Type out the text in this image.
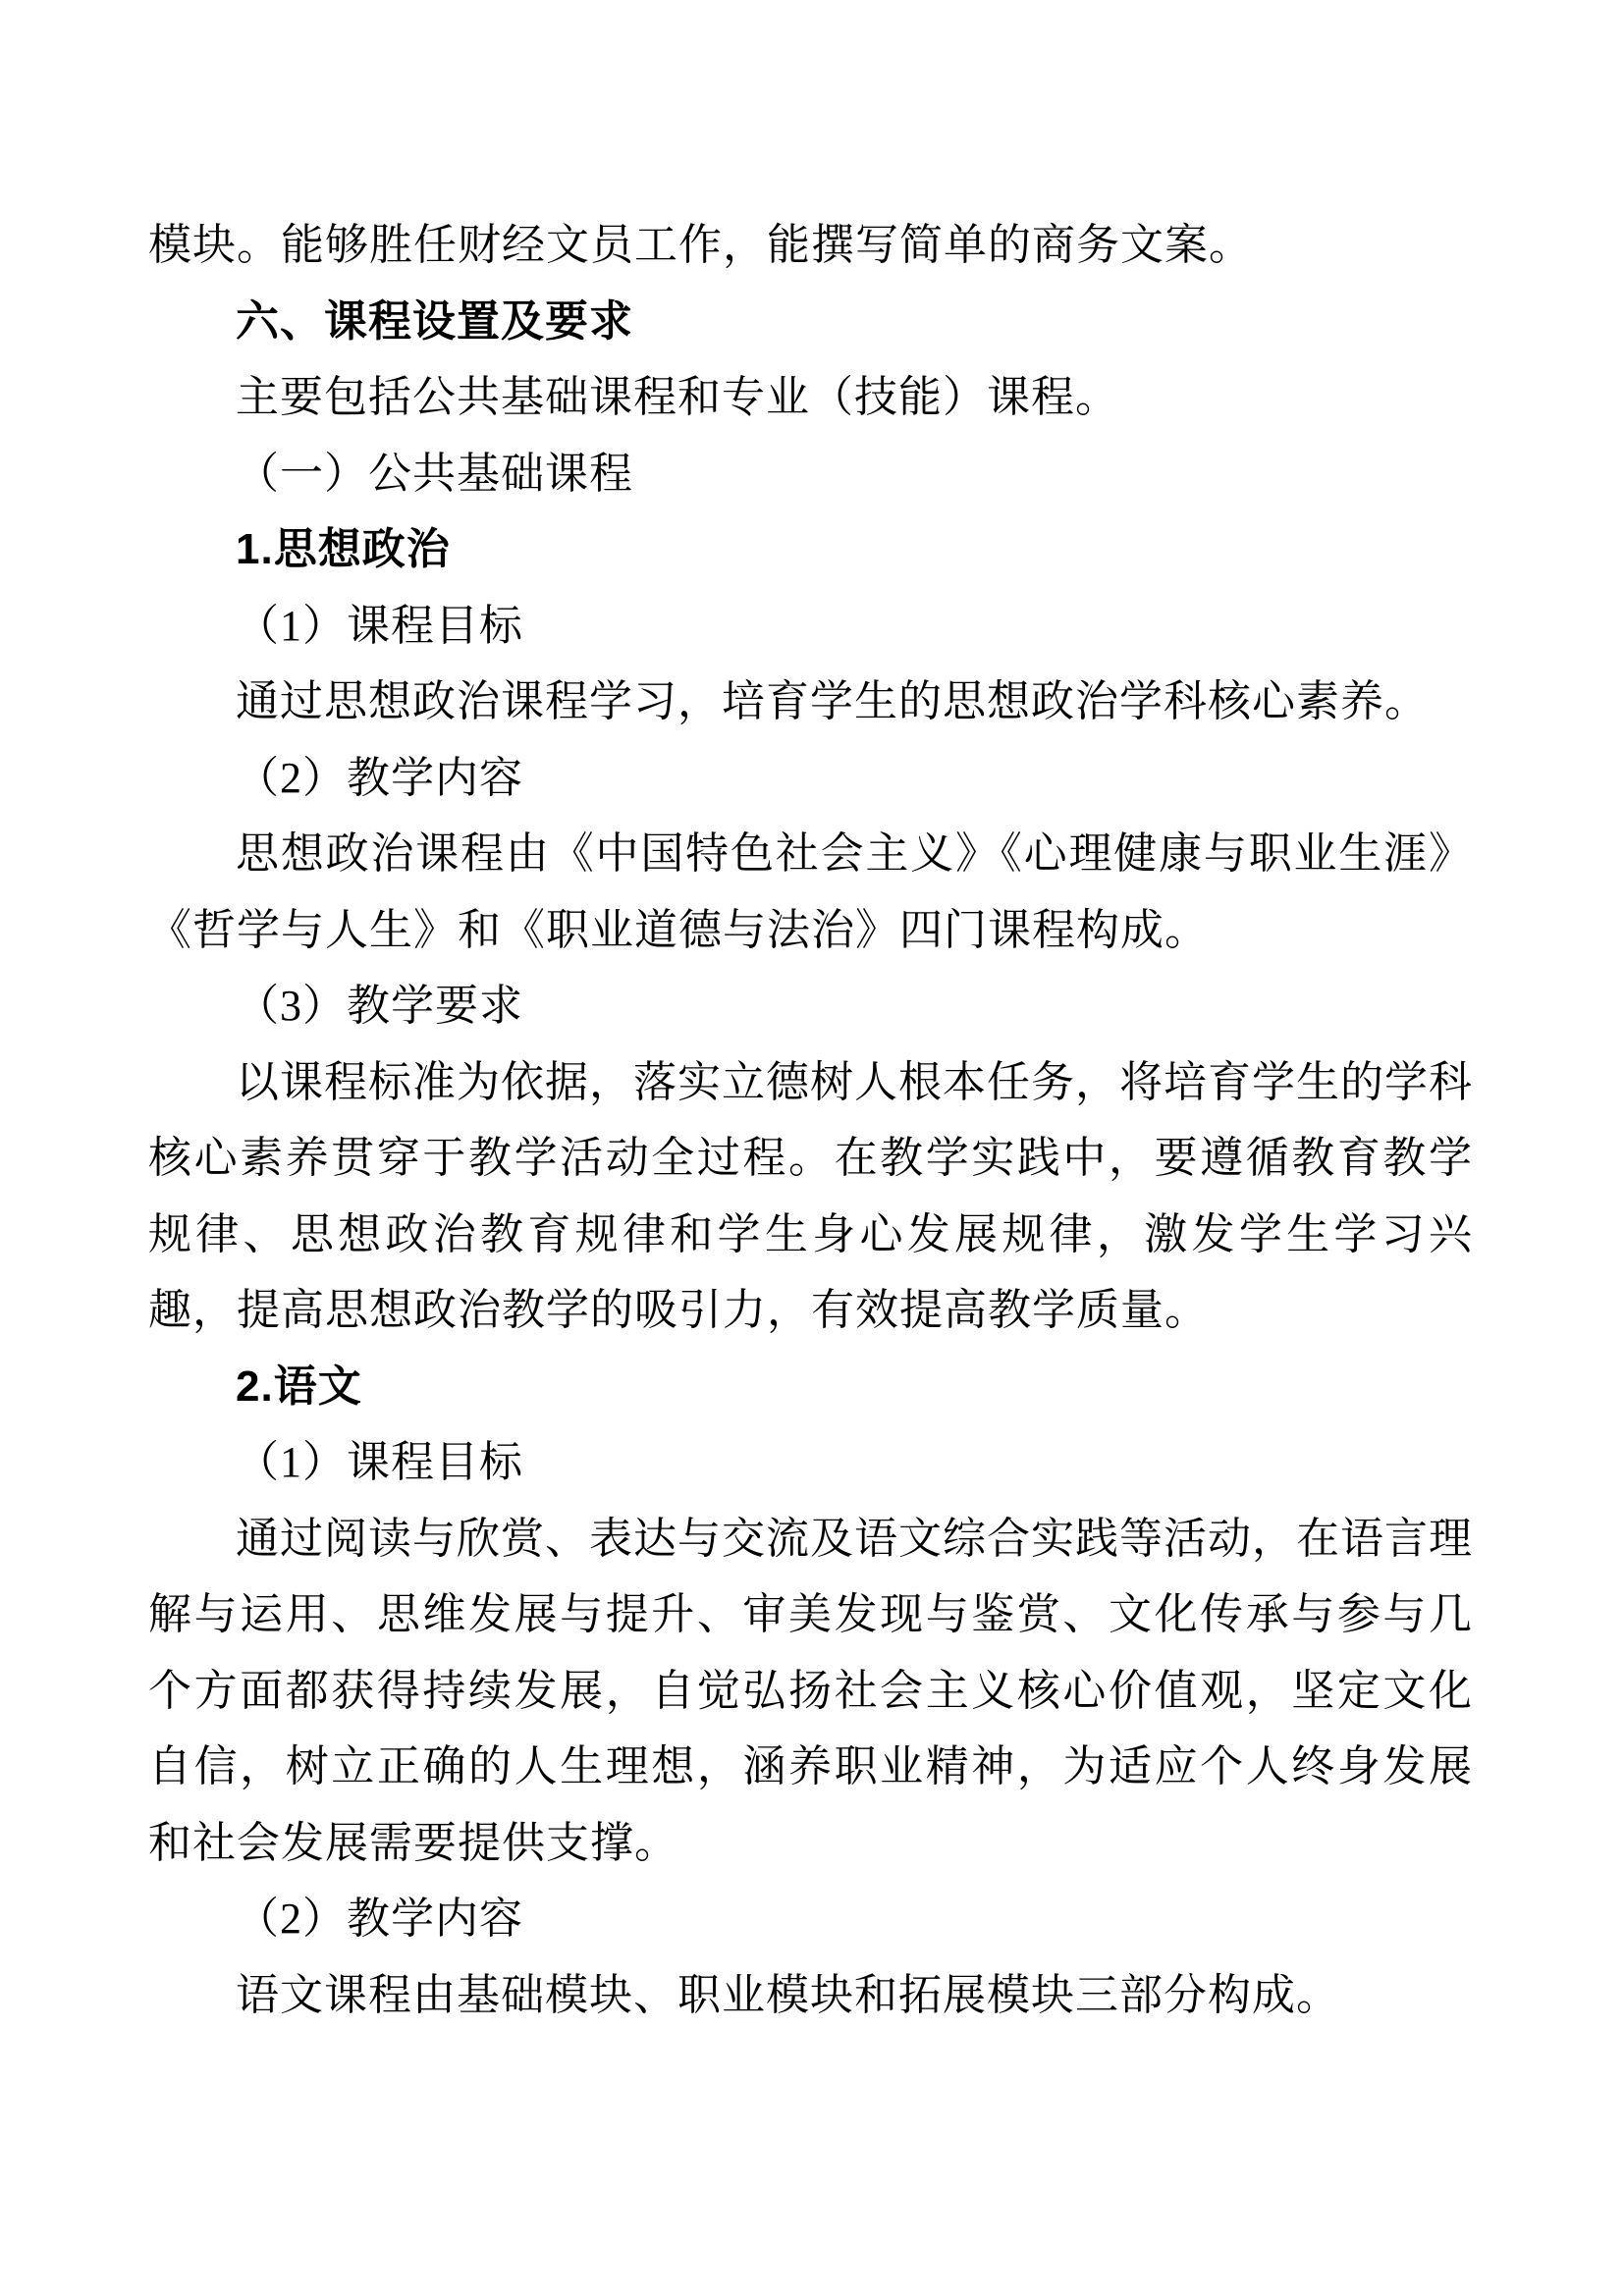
模块。能够胜任财经文员工作，能撰写简单的商务文案。

六、课程设置及要求

主要包括公共基础课程和专业（技能）课程。

（一）公共基础课程

1.思想政治

（1）课程目标

通过思想政治课程学习，培育学生的思想政治学科核心素养。

（2）教学内容

思想政治课程由《中国特色社会主义》《心理健康与职业生涯》《哲学与人生》和《职业道德与法治》四门课程构成。

（3）教学要求

以课程标准为依据，落实立德树人根本任务，将培育学生的学科核心素养贯穿于教学活动全过程。在教学实践中，要遵循教育教学规律、思想政治教育规律和学生身心发展规律，激发学生学习兴趣，提高思想政治教学的吸引力，有效提高教学质量。

2.语文

（1）课程目标

通过阅读与欣赏、表达与交流及语文综合实践等活动，在语言理解与运用、思维发展与提升、审美发现与鉴赏、文化传承与参与几个方面都获得持续发展，自觉弘扬社会主义核心价值观，坚定文化自信，树立正确的人生理想，涵养职业精神，为适应个人终身发展和社会发展需要提供支撑。

（2）教学内容

语文课程由基础模块、职业模块和拓展模块三部分构成。
